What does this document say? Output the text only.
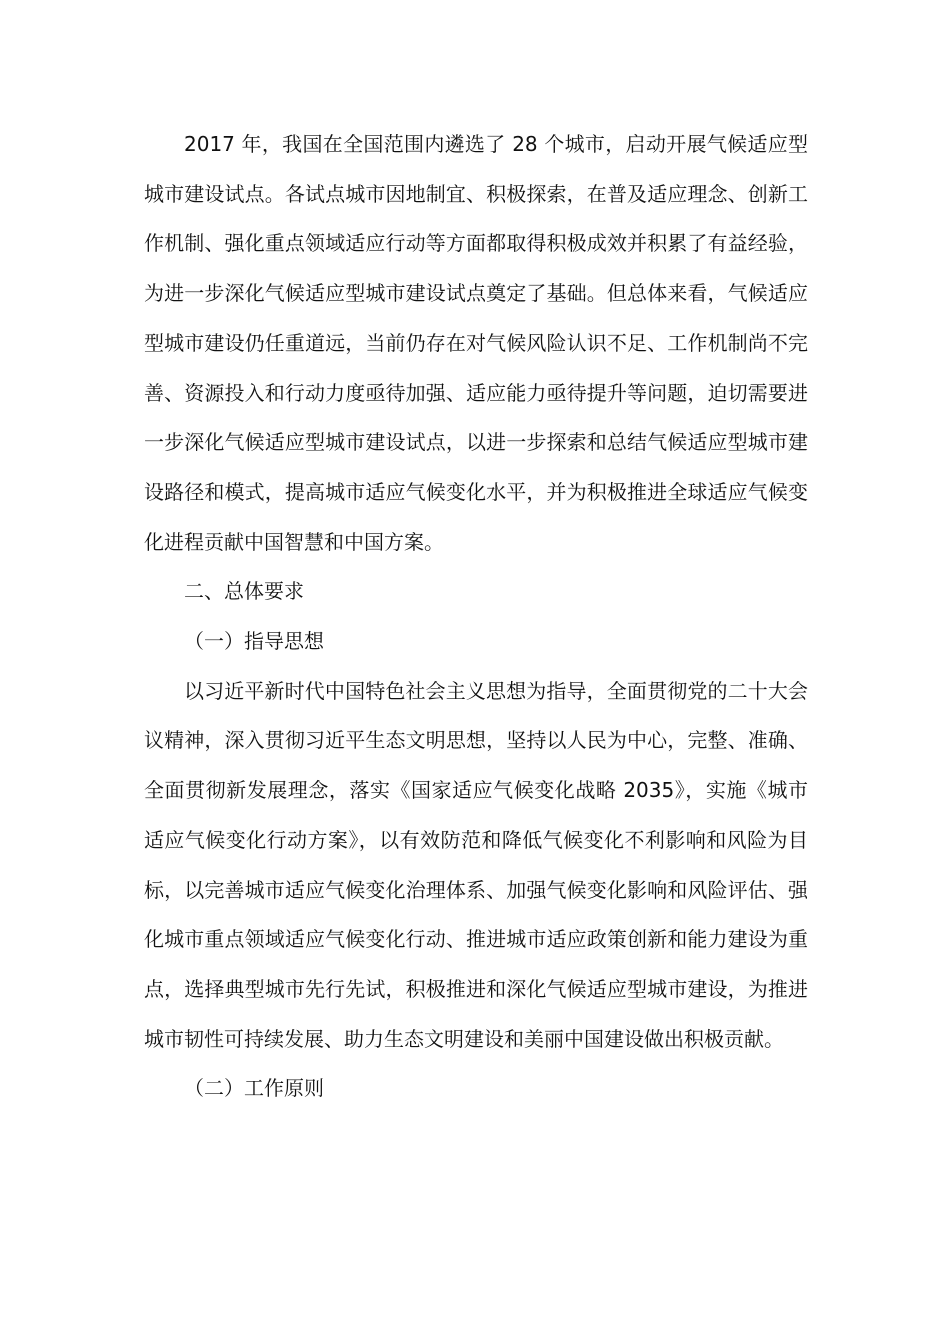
2017 年，我国在全国范围内遴选了 28 个城市，启动开展气候适应型城市建设试点。各试点城市因地制宜、积极探索，在普及适应理念、创新工作机制、强化重点领域适应行动等方面都取得积极成效并积累了有益经验，为进一步深化气候适应型城市建设试点奠定了基础。但总体来看，气候适应型城市建设仍任重道远，当前仍存在对气候风险认识不足、工作机制尚不完善、资源投入和行动力度亟待加强、适应能力亟待提升等问题，迫切需要进一步深化气候适应型城市建设试点，以进一步探索和总结气候适应型城市建设路径和模式，提高城市适应气候变化水平，并为积极推进全球适应气候变化进程贡献中国智慧和中国方案。

二、总体要求

（一）指导思想

以习近平新时代中国特色社会主义思想为指导，全面贯彻党的二十大会议精神，深入贯彻习近平生态文明思想，坚持以人民为中心，完整、准确、全面贯彻新发展理念，落实《国家适应气候变化战略 2035》，实施《城市适应气候变化行动方案》，以有效防范和降低气候变化不利影响和风险为目标，以完善城市适应气候变化治理体系、加强气候变化影响和风险评估、强化城市重点领域适应气候变化行动、推进城市适应政策创新和能力建设为重点，选择典型城市先行先试，积极推进和深化气候适应型城市建设，为推进城市韧性可持续发展、助力生态文明建设和美丽中国建设做出积极贡献。

（二）工作原则
